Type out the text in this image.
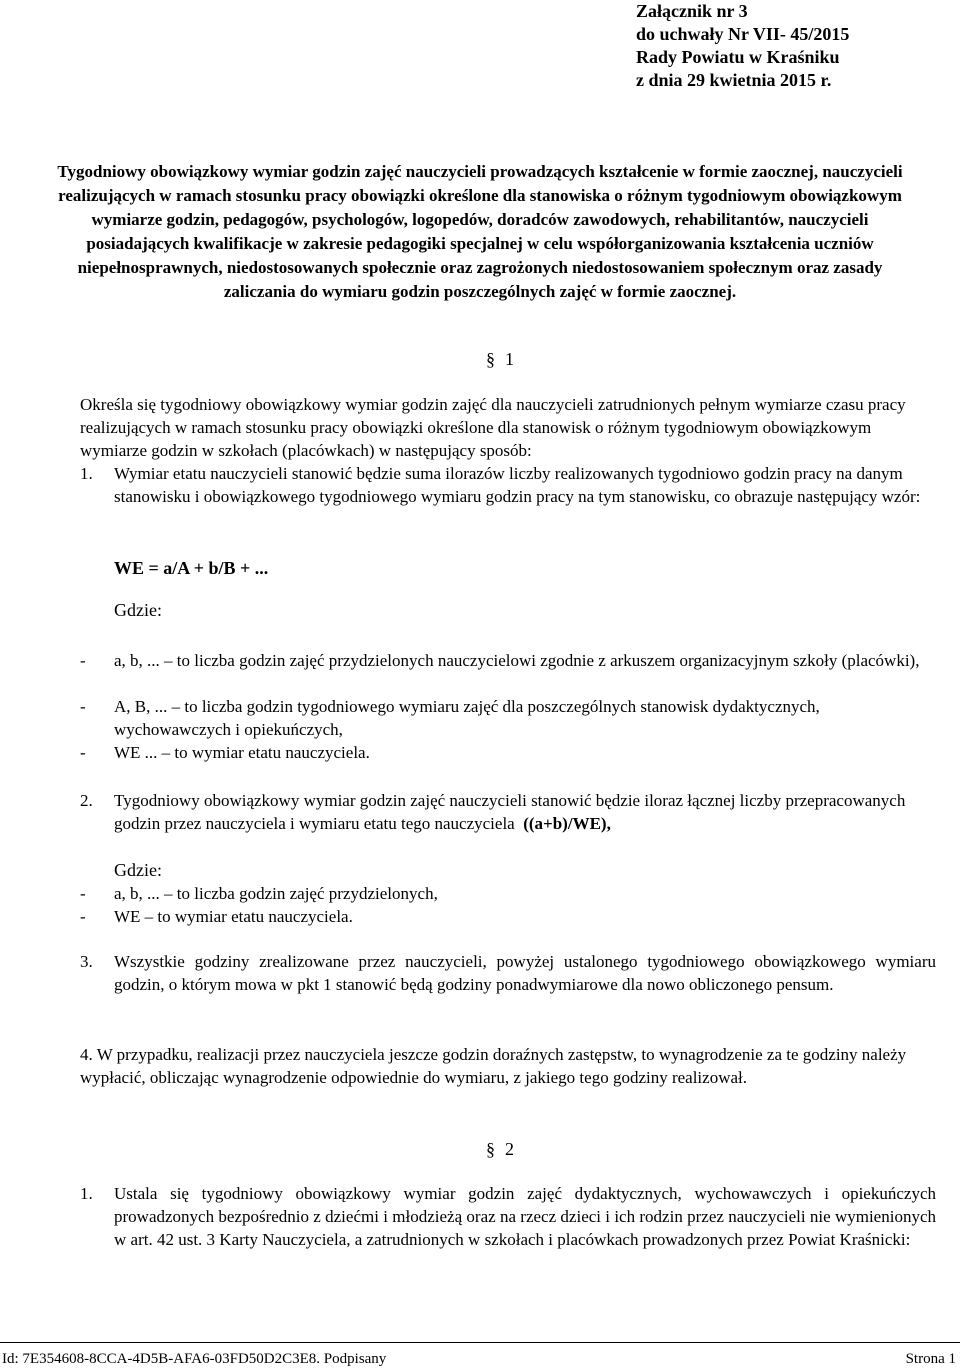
Załącznik nr 3
do uchwały Nr VII- 45/2015
Rady Powiatu w Kraśniku
z dnia 29 kwietnia 2015 r.
Tygodniowy obowiązkowy wymiar godzin zajęć nauczycieli prowadzących kształcenie w formie zaocznej, nauczycieli realizujących w ramach stosunku pracy obowiązki określone dla stanowiska o różnym tygodniowym obowiązkowym wymiarze godzin, pedagogów, psychologów, logopedów, doradców zawodowych, rehabilitantów, nauczycieli posiadających kwalifikacje w zakresie pedagogiki specjalnej w celu współorganizowania kształcenia uczniów niepełnosprawnych, niedostosowanych społecznie oraz zagrożonych niedostosowaniem społecznym oraz zasady zaliczania do wymiaru godzin poszczególnych zajęć w formie zaocznej.
§ 1
Określa się tygodniowy obowiązkowy wymiar godzin zajęć dla nauczycieli zatrudnionych pełnym wymiarze czasu pracy realizujących w ramach stosunku pracy obowiązki określone dla stanowisk o różnym tygodniowym obowiązkowym wymiarze godzin w szkołach (placówkach) w następujący sposób:
1. Wymiar etatu nauczycieli stanowić będzie suma ilorazów liczby realizowanych tygodniowo godzin pracy na danym stanowisku i obowiązkowego tygodniowego wymiaru godzin pracy na tym stanowisku, co obrazuje następujący wzór:
WE = a/A + b/B + ...
Gdzie:
- a, b, ... – to liczba godzin zajęć przydzielonych nauczycielowi zgodnie z arkuszem organizacyjnym szkoły (placówki),
- A, B, ... – to liczba godzin tygodniowego wymiaru zajęć dla poszczególnych stanowisk dydaktycznych, wychowawczych i opiekuńczych,
- WE ... – to wymiar etatu nauczyciela.
2. Tygodniowy obowiązkowy wymiar godzin zajęć nauczycieli stanowić będzie iloraz łącznej liczby przepracowanych godzin przez nauczyciela i wymiaru etatu tego nauczyciela ((a+b)/WE),
Gdzie:
- a, b, ... – to liczba godzin zajęć przydzielonych,
- WE – to wymiar etatu nauczyciela.
3. Wszystkie godziny zrealizowane przez nauczycieli, powyżej ustalonego tygodniowego obowiązkowego wymiaru godzin, o którym mowa w pkt 1 stanowić będą godziny ponadwymiarowe dla nowo obliczonego pensum.
4. W przypadku, realizacji przez nauczyciela jeszcze godzin doraźnych zastępstw, to wynagrodzenie za te godziny należy wypłacić, obliczając wynagrodzenie odpowiednie do wymiaru, z jakiego tego godziny realizował.
§ 2
1. Ustala się tygodniowy obowiązkowy wymiar godzin zajęć dydaktycznych, wychowawczych i opiekuńczych prowadzonych bezpośrednio z dziećmi i młodzieżą oraz na rzecz dzieci i ich rodzin przez nauczycieli nie wymienionych w art. 42 ust. 3 Karty Nauczyciela, a zatrudnionych w szkołach i placówkach prowadzonych przez Powiat Kraśnicki:
Id: 7E354608-8CCA-4D5B-AFA6-03FD50D2C3E8. Podpisany	Strona 1
